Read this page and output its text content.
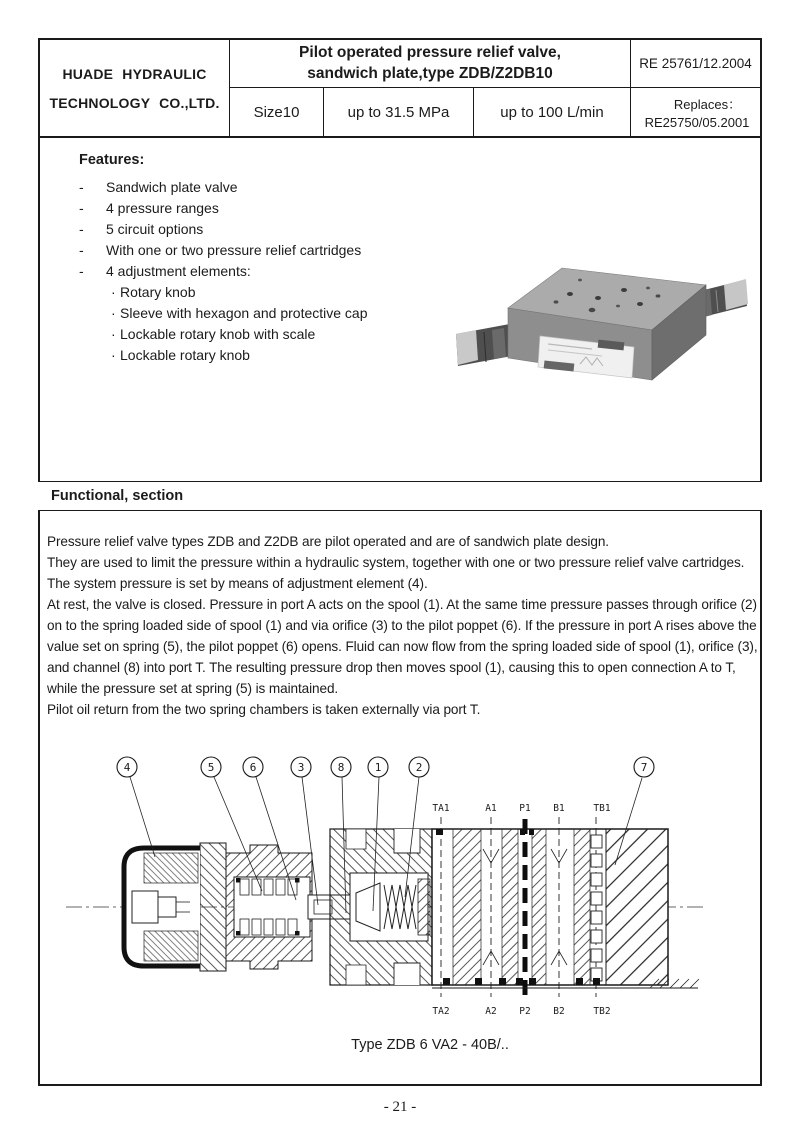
HUADE HYDRAULIC
TECHNOLOGY CO.,LTD.
Pilot operated pressure relief valve,
sandwich plate,type ZDB/Z2DB10
RE 25761/12.2004
Size10	up to 31.5 MPa	up to 100 L/min	Replaces：
RE25750/05.2001
Features:
-	Sandwich plate valve
-	4 pressure ranges
-	5 circuit options
-	With one or two pressure relief cartridges
-	4 adjustment elements:
· Rotary knob
· Sleeve with hexagon and protective cap
· Lockable rotary knob with scale
· Lockable rotary knob
Functional, section

Pressure relief valve types ZDB and Z2DB are pilot operated and are of sandwich plate design.

They are used to limit the pressure within a hydraulic system, together with one or two pressure relief valve cartridges.

The system pressure is set by means of adjustment element (4).

At rest, the valve is closed. Pressure in port A acts on the spool (1). At the same time pressure passes through orifice (2) on to the spring loaded side of spool (1) and via orifice (3) to the pilot poppet (6). If the pressure in port A rises above the value set on spring (5), the pilot poppet (6) opens. Fluid can now flow from the spring loaded side of spool (1), orifice (3), and channel (8) into port T. The resulting pressure drop then moves spool (1), causing this to open connection A to T, while the pressure set at spring (5) is maintained.

Pilot oil return from the two spring chambers is taken externally via port T.

4	5	6	3	8	1	2	7
TA1	A1 P1 B1	TB1
TA2	A2 P2 B2	TB2
Type ZDB 6 VA2 - 40B/..
- 21 -
